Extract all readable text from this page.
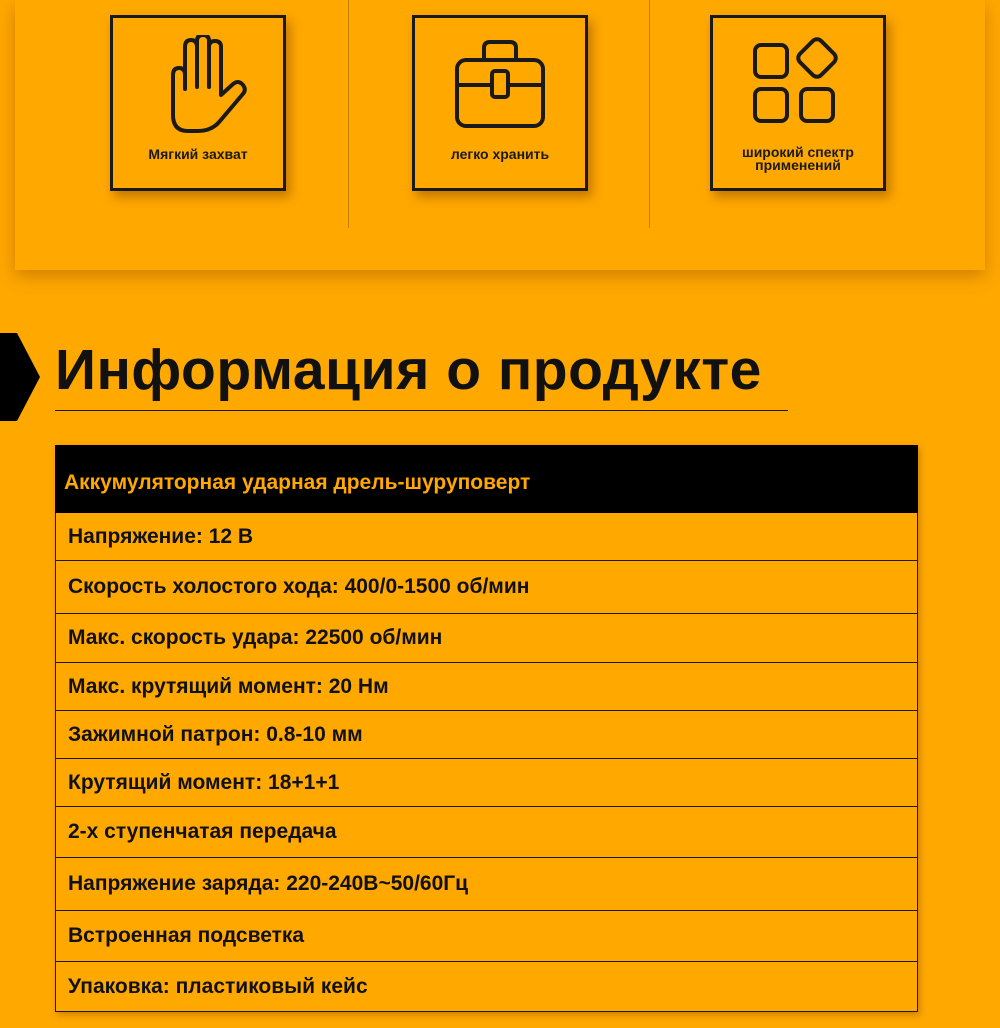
Мягкий захват	легко хранить	широкий спектр применений
Информация о продукте
Аккумуляторная ударная дрель-шуруповерт
Напряжение: 12 В
Скорость холостого хода: 400/0-1500 об/мин
Макс. скорость удара: 22500 об/мин
Макс. крутящий момент: 20 Нм
Зажимной патрон: 0.8-10 мм
Крутящий момент: 18+1+1
2-х ступенчатая передача
Напряжение заряда: 220-240В~50/60Гц
Встроенная подсветка
Упаковка: пластиковый кейс
